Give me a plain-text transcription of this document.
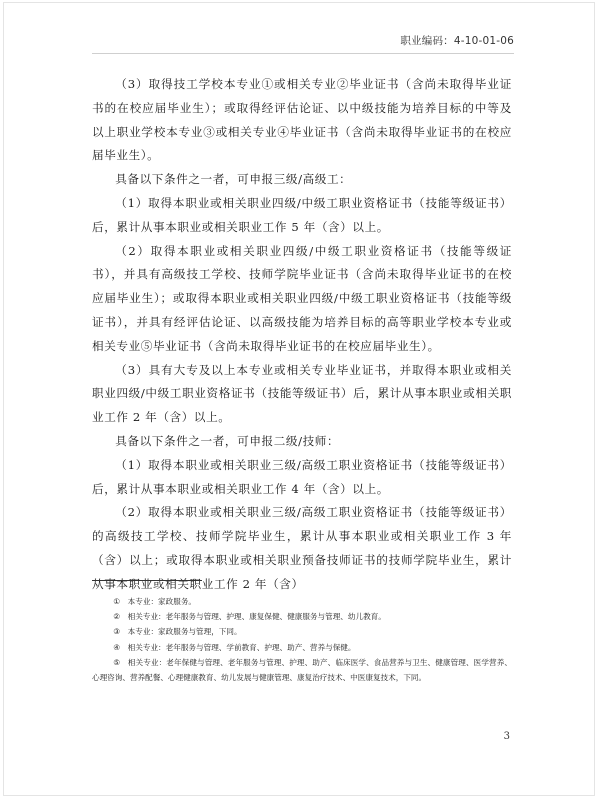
职业编码：4-10-01-06

（3）取得技工学校本专业①或相关专业②毕业证书（含尚未取得毕业证书的在校应届毕业生）；或取得经评估论证、以中级技能为培养目标的中等及以上职业学校本专业③或相关专业④毕业证书（含尚未取得毕业证书的在校应届毕业生）。

具备以下条件之一者，可申报三级/高级工：

（1）取得本职业或相关职业四级/中级工职业资格证书（技能等级证书）后，累计从事本职业或相关职业工作 5 年（含）以上。

（2）取得本职业或相关职业四级/中级工职业资格证书（技能等级证书），并具有高级技工学校、技师学院毕业证书（含尚未取得毕业证书的在校应届毕业生）；或取得本职业或相关职业四级/中级工职业资格证书（技能等级证书），并具有经评估论证、以高级技能为培养目标的高等职业学校本专业或相关专业⑤毕业证书（含尚未取得毕业证书的在校应届毕业生）。

（3）具有大专及以上本专业或相关专业毕业证书，并取得本职业或相关职业四级/中级工职业资格证书（技能等级证书）后，累计从事本职业或相关职业工作 2 年（含）以上。

具备以下条件之一者，可申报二级/技师：

（1）取得本职业或相关职业三级/高级工职业资格证书（技能等级证书）后，累计从事本职业或相关职业工作 4 年（含）以上。

（2）取得本职业或相关职业三级/高级工职业资格证书（技能等级证书）的高级技工学校、技师学院毕业生，累计从事本职业或相关职业工作 3 年（含）以上；或取得本职业或相关职业预备技师证书的技师学院毕业生，累计从事本职业或相关职业工作 2 年（含）

①　本专业：家政服务。

②　相关专业：老年服务与管理、护理、康复保健、健康服务与管理、幼儿教育。

③　本专业：家政服务与管理，下同。

④　相关专业：老年服务与管理、学前教育、护理、助产、营养与保健。

⑤　相关专业：老年保健与管理、老年服务与管理、护理、助产、临床医学、食品营养与卫生、健康管理、医学营养、心理咨询、营养配餐、心理健康教育、幼儿发展与健康管理、康复治疗技术、中医康复技术，下同。

3
